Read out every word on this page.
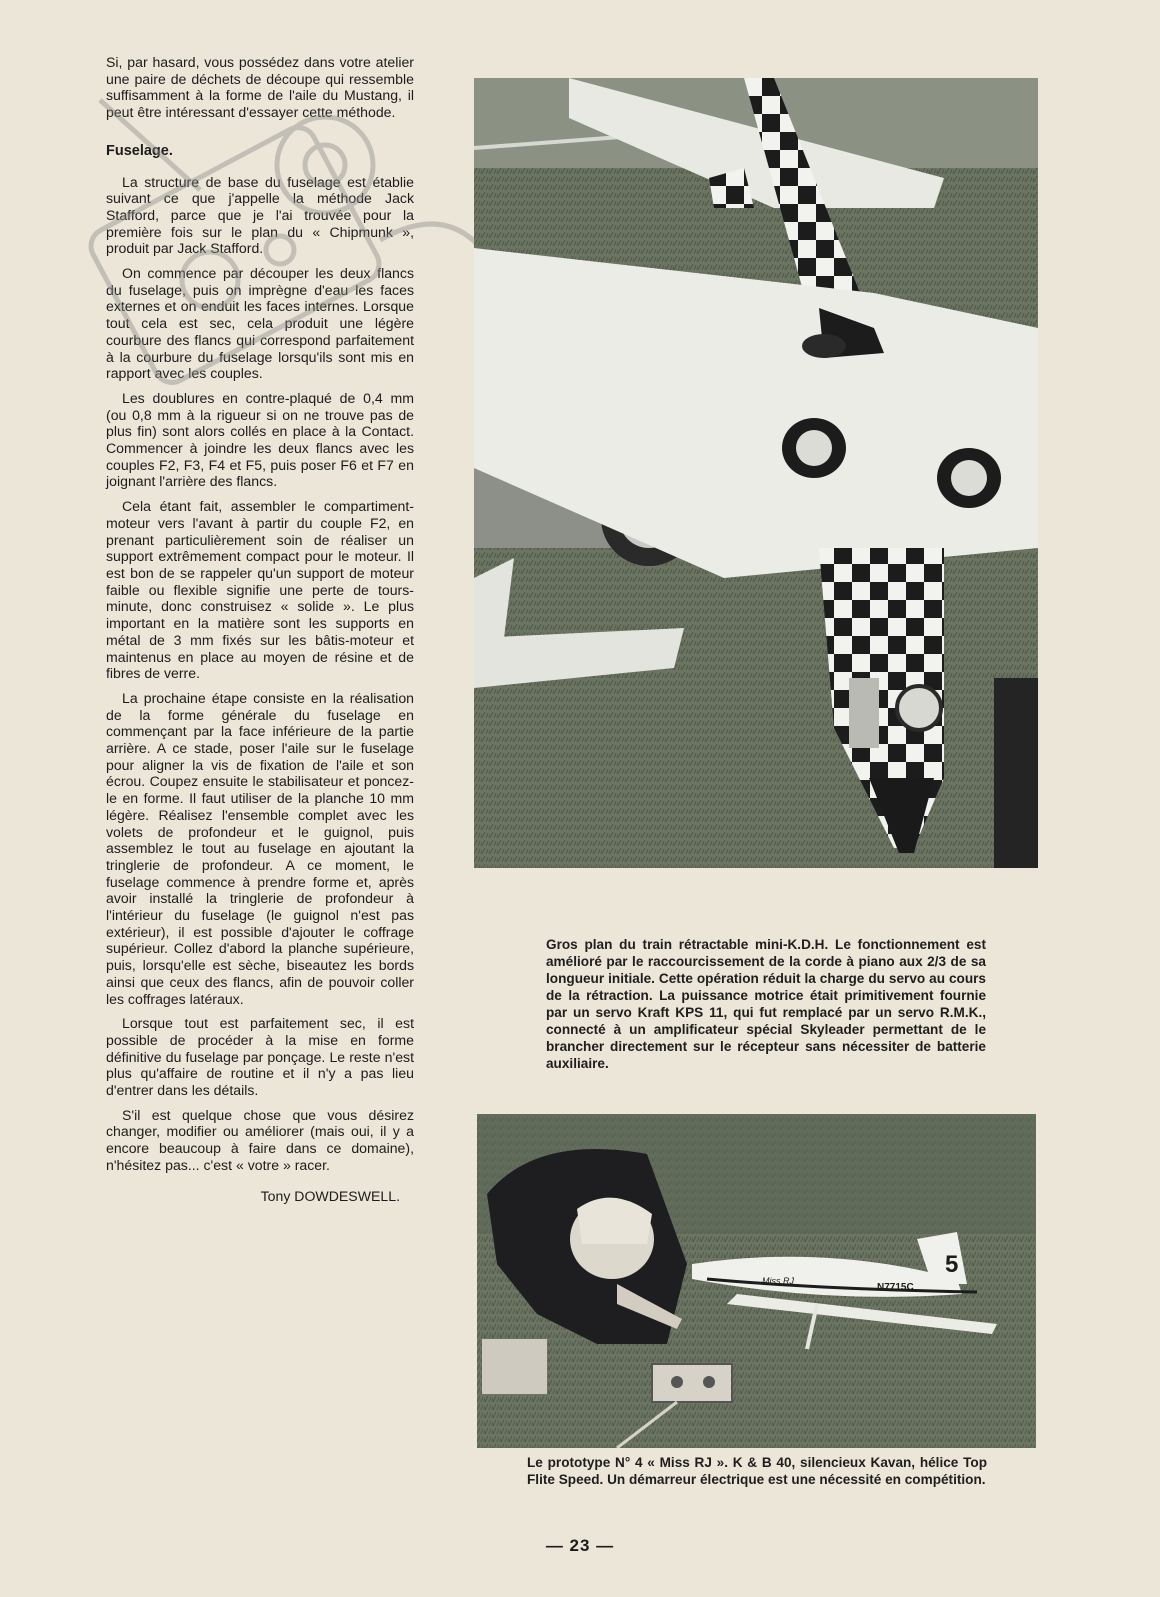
Si, par hasard, vous possédez dans votre atelier une paire de déchets de découpe qui ressemble suffisamment à la forme de l'aile du Mustang, il peut être intéressant d'essayer cette méthode.

Fuselage.

La structure de base du fuselage est établie suivant ce que j'appelle la méthode Jack Stafford, parce que je l'ai trouvée pour la première fois sur le plan du « Chipmunk », produit par Jack Stafford.

On commence par découper les deux flancs du fuselage, puis on imprègne d'eau les faces externes et on enduit les faces internes. Lorsque tout cela est sec, cela produit une légère courbure des flancs qui correspond parfaitement à la courbure du fuselage lorsqu'ils sont mis en rapport avec les couples.

Les doublures en contre-plaqué de 0,4 mm (ou 0,8 mm à la rigueur si on ne trouve pas de plus fin) sont alors collés en place à la Contact. Commencer à joindre les deux flancs avec les couples F2, F3, F4 et F5, puis poser F6 et F7 en joignant l'arrière des flancs.

Cela étant fait, assembler le compartiment-moteur vers l'avant à partir du couple F2, en prenant particulièrement soin de réaliser un support extrêmement compact pour le moteur. Il est bon de se rappeler qu'un support de moteur faible ou flexible signifie une perte de tours-minute, donc construisez « solide ». Le plus important en la matière sont les supports en métal de 3 mm fixés sur les bâtis-moteur et maintenus en place au moyen de résine et de fibres de verre.

La prochaine étape consiste en la réalisation de la forme générale du fuselage en commençant par la face inférieure de la partie arrière. A ce stade, poser l'aile sur le fuselage pour aligner la vis de fixation de l'aile et son écrou. Coupez ensuite le stabilisateur et poncez-le en forme. Il faut utiliser de la planche 10 mm légère. Réalisez l'ensemble complet avec les volets de profondeur et le guignol, puis assemblez le tout au fuselage en ajoutant la tringlerie de profondeur. A ce moment, le fuselage commence à prendre forme et, après avoir installé la tringlerie de profondeur à l'intérieur du fuselage (le guignol n'est pas extérieur), il est possible d'ajouter le coffrage supérieur. Collez d'abord la planche supérieure, puis, lorsqu'elle est sèche, biseautez les bords ainsi que ceux des flancs, afin de pouvoir coller les coffrages latéraux.

Lorsque tout est parfaitement sec, il est possible de procéder à la mise en forme définitive du fuselage par ponçage. Le reste n'est plus qu'affaire de routine et il n'y a pas lieu d'entrer dans les détails.

S'il est quelque chose que vous désirez changer, modifier ou améliorer (mais oui, il y a encore beaucoup à faire dans ce domaine), n'hésitez pas... c'est « votre » racer.

Tony DOWDESWELL.

Gros plan du train rétractable mini-K.D.H. Le fonctionnement est amélioré par le raccourcissement de la corde à piano aux 2/3 de sa longueur initiale. Cette opération réduit la charge du servo au cours de la rétraction. La puissance motrice était primitivement fournie par un servo Kraft KPS 11, qui fut remplacé par un servo R.M.K., connecté à un amplificateur spécial Skyleader permettant de le brancher directement sur le récepteur sans nécessiter de batterie auxiliaire.
5
N7715C
Miss RJ
Le prototype N° 4 « Miss RJ ». K & B 40, silencieux Kavan, hélice Top Flite Speed. Un démarreur électrique est une nécessité en compétition.
— 23 —
